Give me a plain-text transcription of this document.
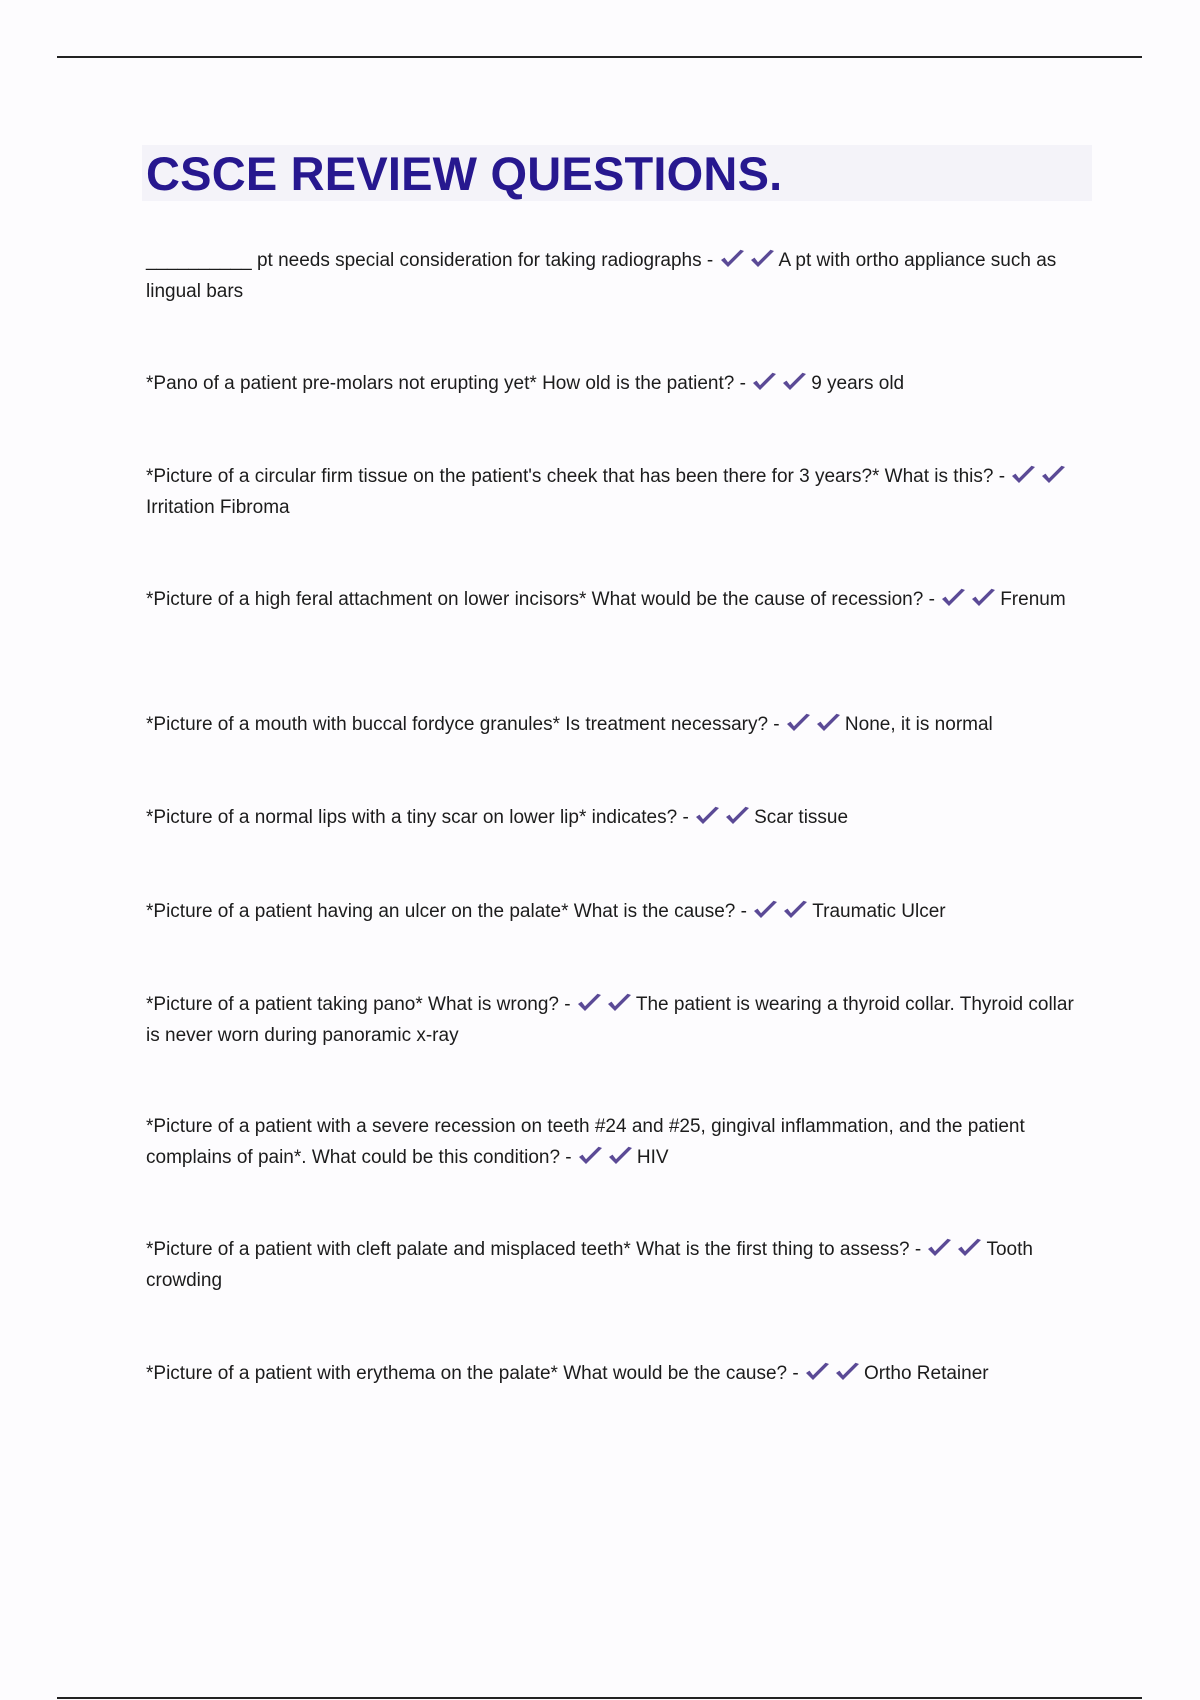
CSCE REVIEW QUESTIONS.

__________ pt needs special consideration for taking radiographs -	A pt with ortho appliance such as lingual bars

*Pano of a patient pre-molars not erupting yet* How old is the patient? -	9 years old

*Picture of a circular firm tissue on the patient's cheek that has been there for 3 years?* What is this? -
Irritation Fibroma

*Picture of a high feral attachment on lower incisors* What would be the cause of recession? -	Frenum

*Picture of a mouth with buccal fordyce granules* Is treatment necessary? -	None, it is normal

*Picture of a normal lips with a tiny scar on lower lip* indicates? -	Scar tissue

*Picture of a patient having an ulcer on the palate* What is the cause? -	Traumatic Ulcer

*Picture of a patient taking pano* What is wrong? -	The patient is wearing a thyroid collar. Thyroid collar is never worn during panoramic x-ray

*Picture of a patient with a severe recession on teeth #24 and #25, gingival inflammation, and the patient complains of pain*. What could be this condition? -	HIV

*Picture of a patient with cleft palate and misplaced teeth* What is the first thing to assess? -	Tooth crowding

*Picture of a patient with erythema on the palate* What would be the cause? -	Ortho Retainer
